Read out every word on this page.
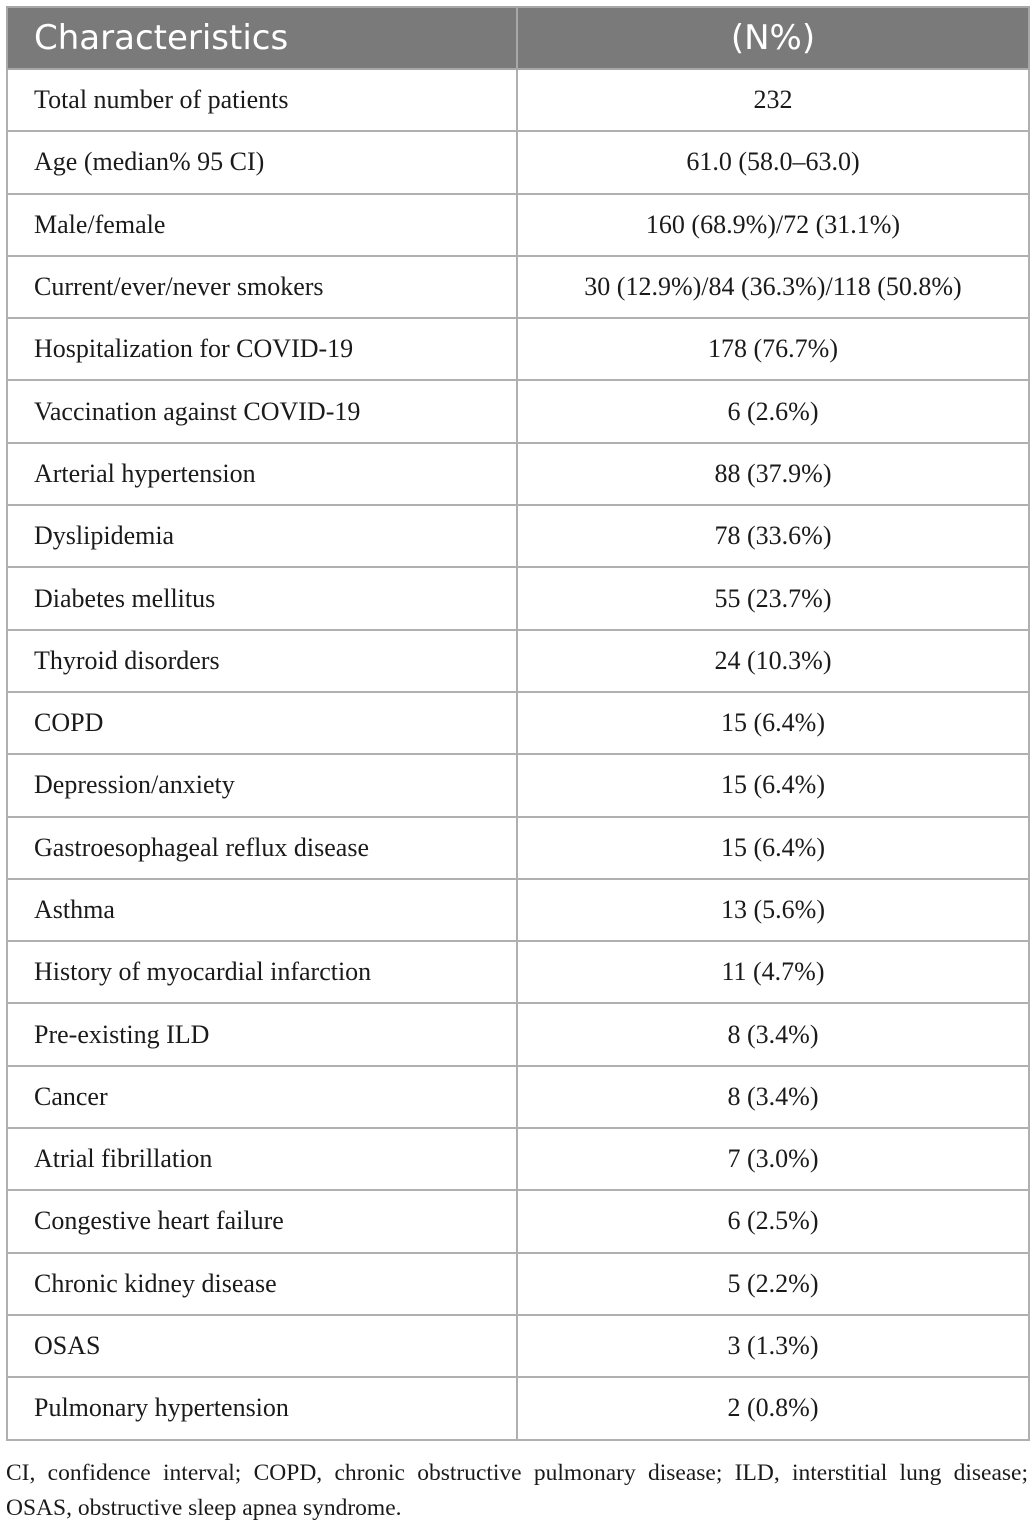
Characteristics	(N%)
Total number of patients	232
Age (median% 95 CI)	61.0 (58.0–63.0)
Male/female	160 (68.9%)/72 (31.1%)
Current/ever/never smokers	30 (12.9%)/84 (36.3%)/118 (50.8%)
Hospitalization for COVID-19	178 (76.7%)
Vaccination against COVID-19	6 (2.6%)
Arterial hypertension	88 (37.9%)
Dyslipidemia	78 (33.6%)
Diabetes mellitus	55 (23.7%)
Thyroid disorders	24 (10.3%)
COPD	15 (6.4%)
Depression/anxiety	15 (6.4%)
Gastroesophageal reflux disease	15 (6.4%)
Asthma	13 (5.6%)
History of myocardial infarction	11 (4.7%)
Pre-existing ILD	8 (3.4%)
Cancer	8 (3.4%)
Atrial fibrillation	7 (3.0%)
Congestive heart failure	6 (2.5%)
Chronic kidney disease	5 (2.2%)
OSAS	3 (1.3%)
Pulmonary hypertension	2 (0.8%)
CI, confidence interval; COPD, chronic obstructive pulmonary disease; ILD, interstitial lung disease; OSAS, obstructive sleep apnea syndrome.
